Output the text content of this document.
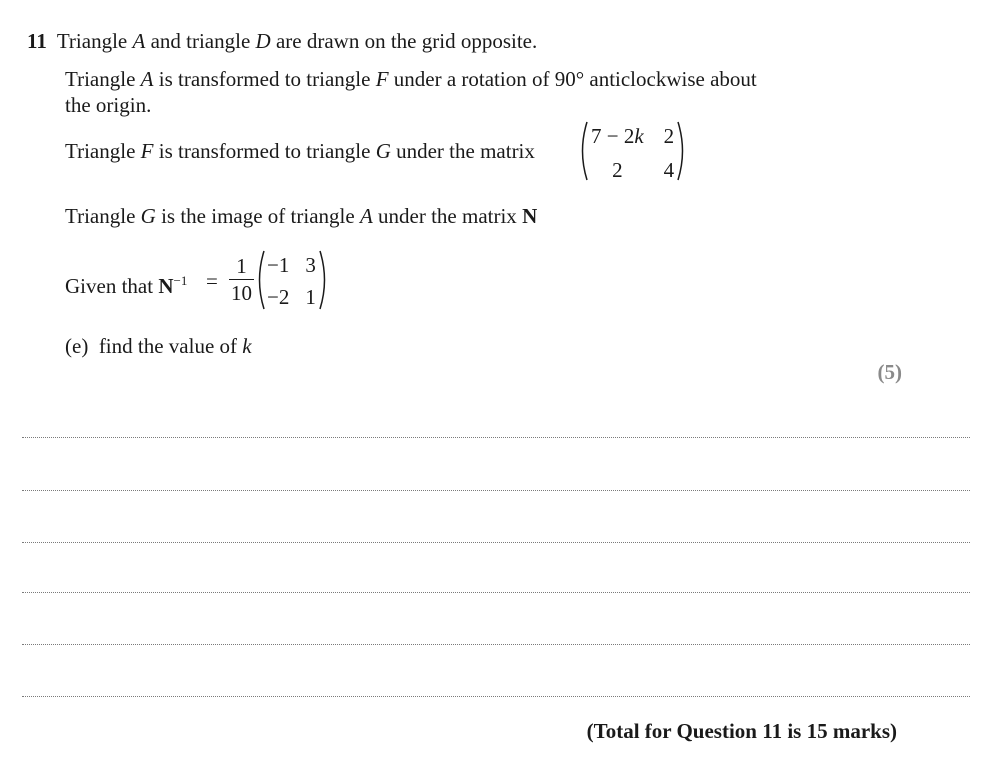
11 Triangle A and triangle D are drawn on the grid opposite.
Triangle A is transformed to triangle F under a rotation of 90° anticlockwise about
the origin.
Triangle F is transformed to triangle G under the matrix
7 − 2k 2
2	4
Triangle G is the image of triangle A under the matrix N
Given that $N^{-1}$ =
1
10
−1 3
−2 1
(e) find the value of k
(5)
(Total for Question 11 is 15 marks)
